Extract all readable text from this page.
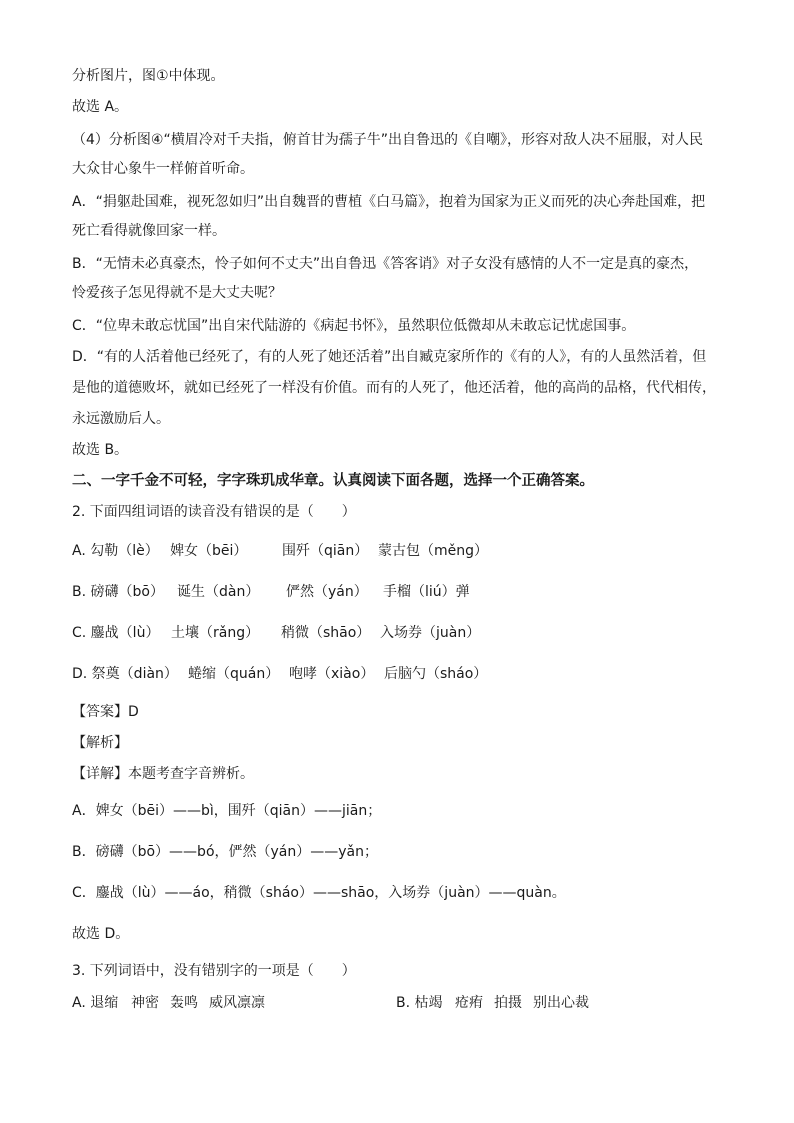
分析图片，图①中体现。

故选 A。

（4）分析图④“横眉冷对千夫指，俯首甘为孺子牛”出自鲁迅的《自嘲》，形容对敌人决不屈服，对人民

大众甘心象牛一样俯首听命。

A．“捐躯赴国难，视死忽如归”出自魏晋的曹植《白马篇》，抱着为国家为正义而死的决心奔赴国难，把

死亡看得就像回家一样。

B．“无情未必真豪杰，怜子如何不丈夫”出自鲁迅《答客诮》对子女没有感情的人不一定是真的豪杰，

怜爱孩子怎见得就不是大丈夫呢？

C．“位卑未敢忘忧国”出自宋代陆游的《病起书怀》，虽然职位低微却从未敢忘记忧虑国事。

D．“有的人活着他已经死了，有的人死了她还活着”出自臧克家所作的《有的人》，有的人虽然活着，但

是他的道德败坏，就如已经死了一样没有价值。而有的人死了，他还活着，他的高尚的品格，代代相传，

永远激励后人。

故选 B。

二、一字千金不可轻，字字珠玑成华章。认真阅读下面各题，选择一个正确答案。

2. 下面四组词语的读音没有错误的是（　　）

A. 勾勒（lè） 婢女（bēi） 围歼（qiān） 蒙古包（měng）
B. 磅礴（bō） 诞生（dàn） 俨然（yán） 手榴（liú）弹
C. 鏖战（lù） 土壤（rǎng） 稍微（shāo） 入场券（juàn）
D. 祭奠（diàn） 蜷缩（quán） 咆哮（xiào） 后脑勺（sháo）

【答案】D

【解析】

【详解】本题考查字音辨析。

A．婢女（bēi）——bì，围歼（qiān）——jiān；

B．磅礴（bō）——bó，俨然（yán）——yǎn；

C．鏖战（lù）——áo，稍微（sháo）——shāo，入场券（juàn）——quàn。

故选 D。

3. 下列词语中，没有错别字的一项是（　　）

A. 退缩 神密 轰鸣 威风凛凛	B. 枯竭 疮痏 拍摄 别出心裁
